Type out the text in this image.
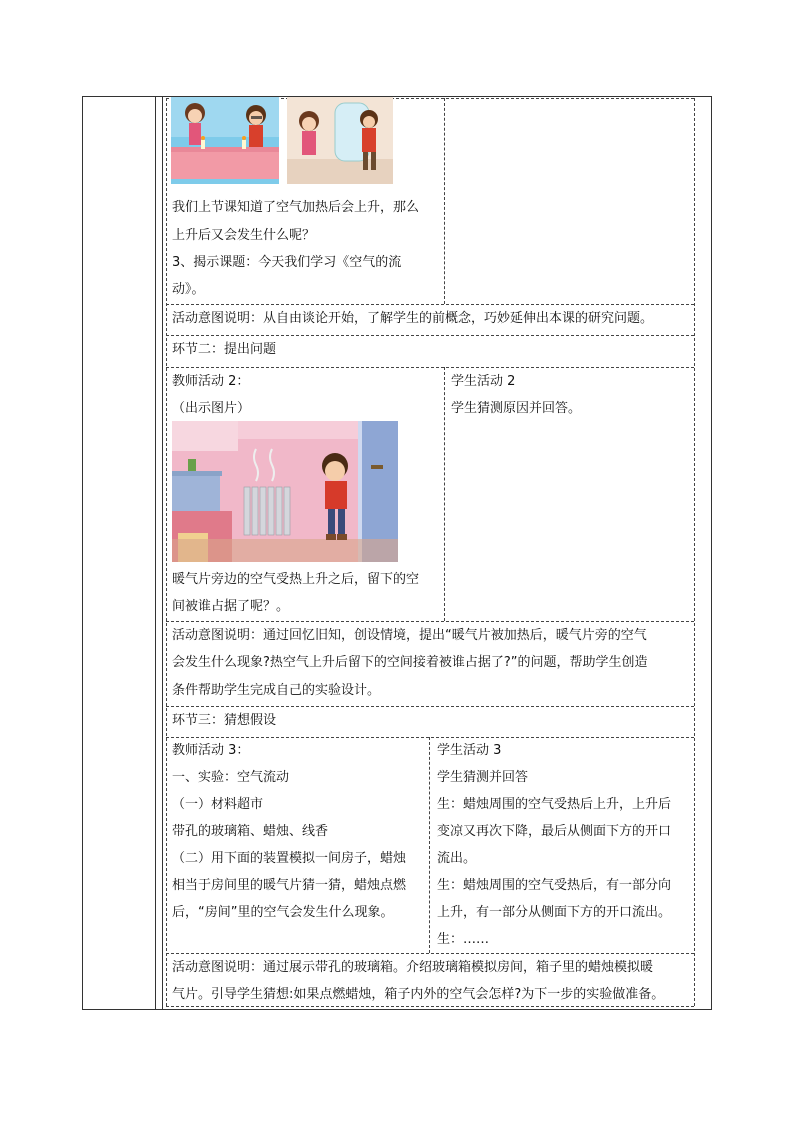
我们上节课知道了空气加热后会上升，那么
上升后又会发生什么呢？
3、揭示课题：今天我们学习《空气的流
动》。
活动意图说明：从自由谈论开始，了解学生的前概念，巧妙延伸出本课的研究问题。
环节二：提出问题
教师活动 2：
（出示图片）
学生活动 2
学生猜测原因并回答。
暖气片旁边的空气受热上升之后，留下的空
间被谁占据了呢？。
活动意图说明：通过回忆旧知，创设情境，提出“暖气片被加热后，暖气片旁的空气
会发生什么现象?热空气上升后留下的空间接着被谁占据了?”的问题，帮助学生创造
条件帮助学生完成自己的实验设计。
环节三：猜想假设
教师活动 3：
一、实验：空气流动
（一）材料超市
带孔的玻璃箱、蜡烛、线香
（二）用下面的装置模拟一间房子，蜡烛
相当于房间里的暖气片猜一猜，蜡烛点燃
后，“房间”里的空气会发生什么现象。
学生活动 3
学生猜测并回答
生：蜡烛周围的空气受热后上升，上升后
变凉又再次下降，最后从侧面下方的开口
流出。
生：蜡烛周围的空气受热后，有一部分向
上升，有一部分从侧面下方的开口流出。
生：……
活动意图说明：通过展示带孔的玻璃箱。介绍玻璃箱模拟房间，箱子里的蜡烛模拟暖
气片。引导学生猜想:如果点燃蜡烛，箱子内外的空气会怎样?为下一步的实验做准备。
